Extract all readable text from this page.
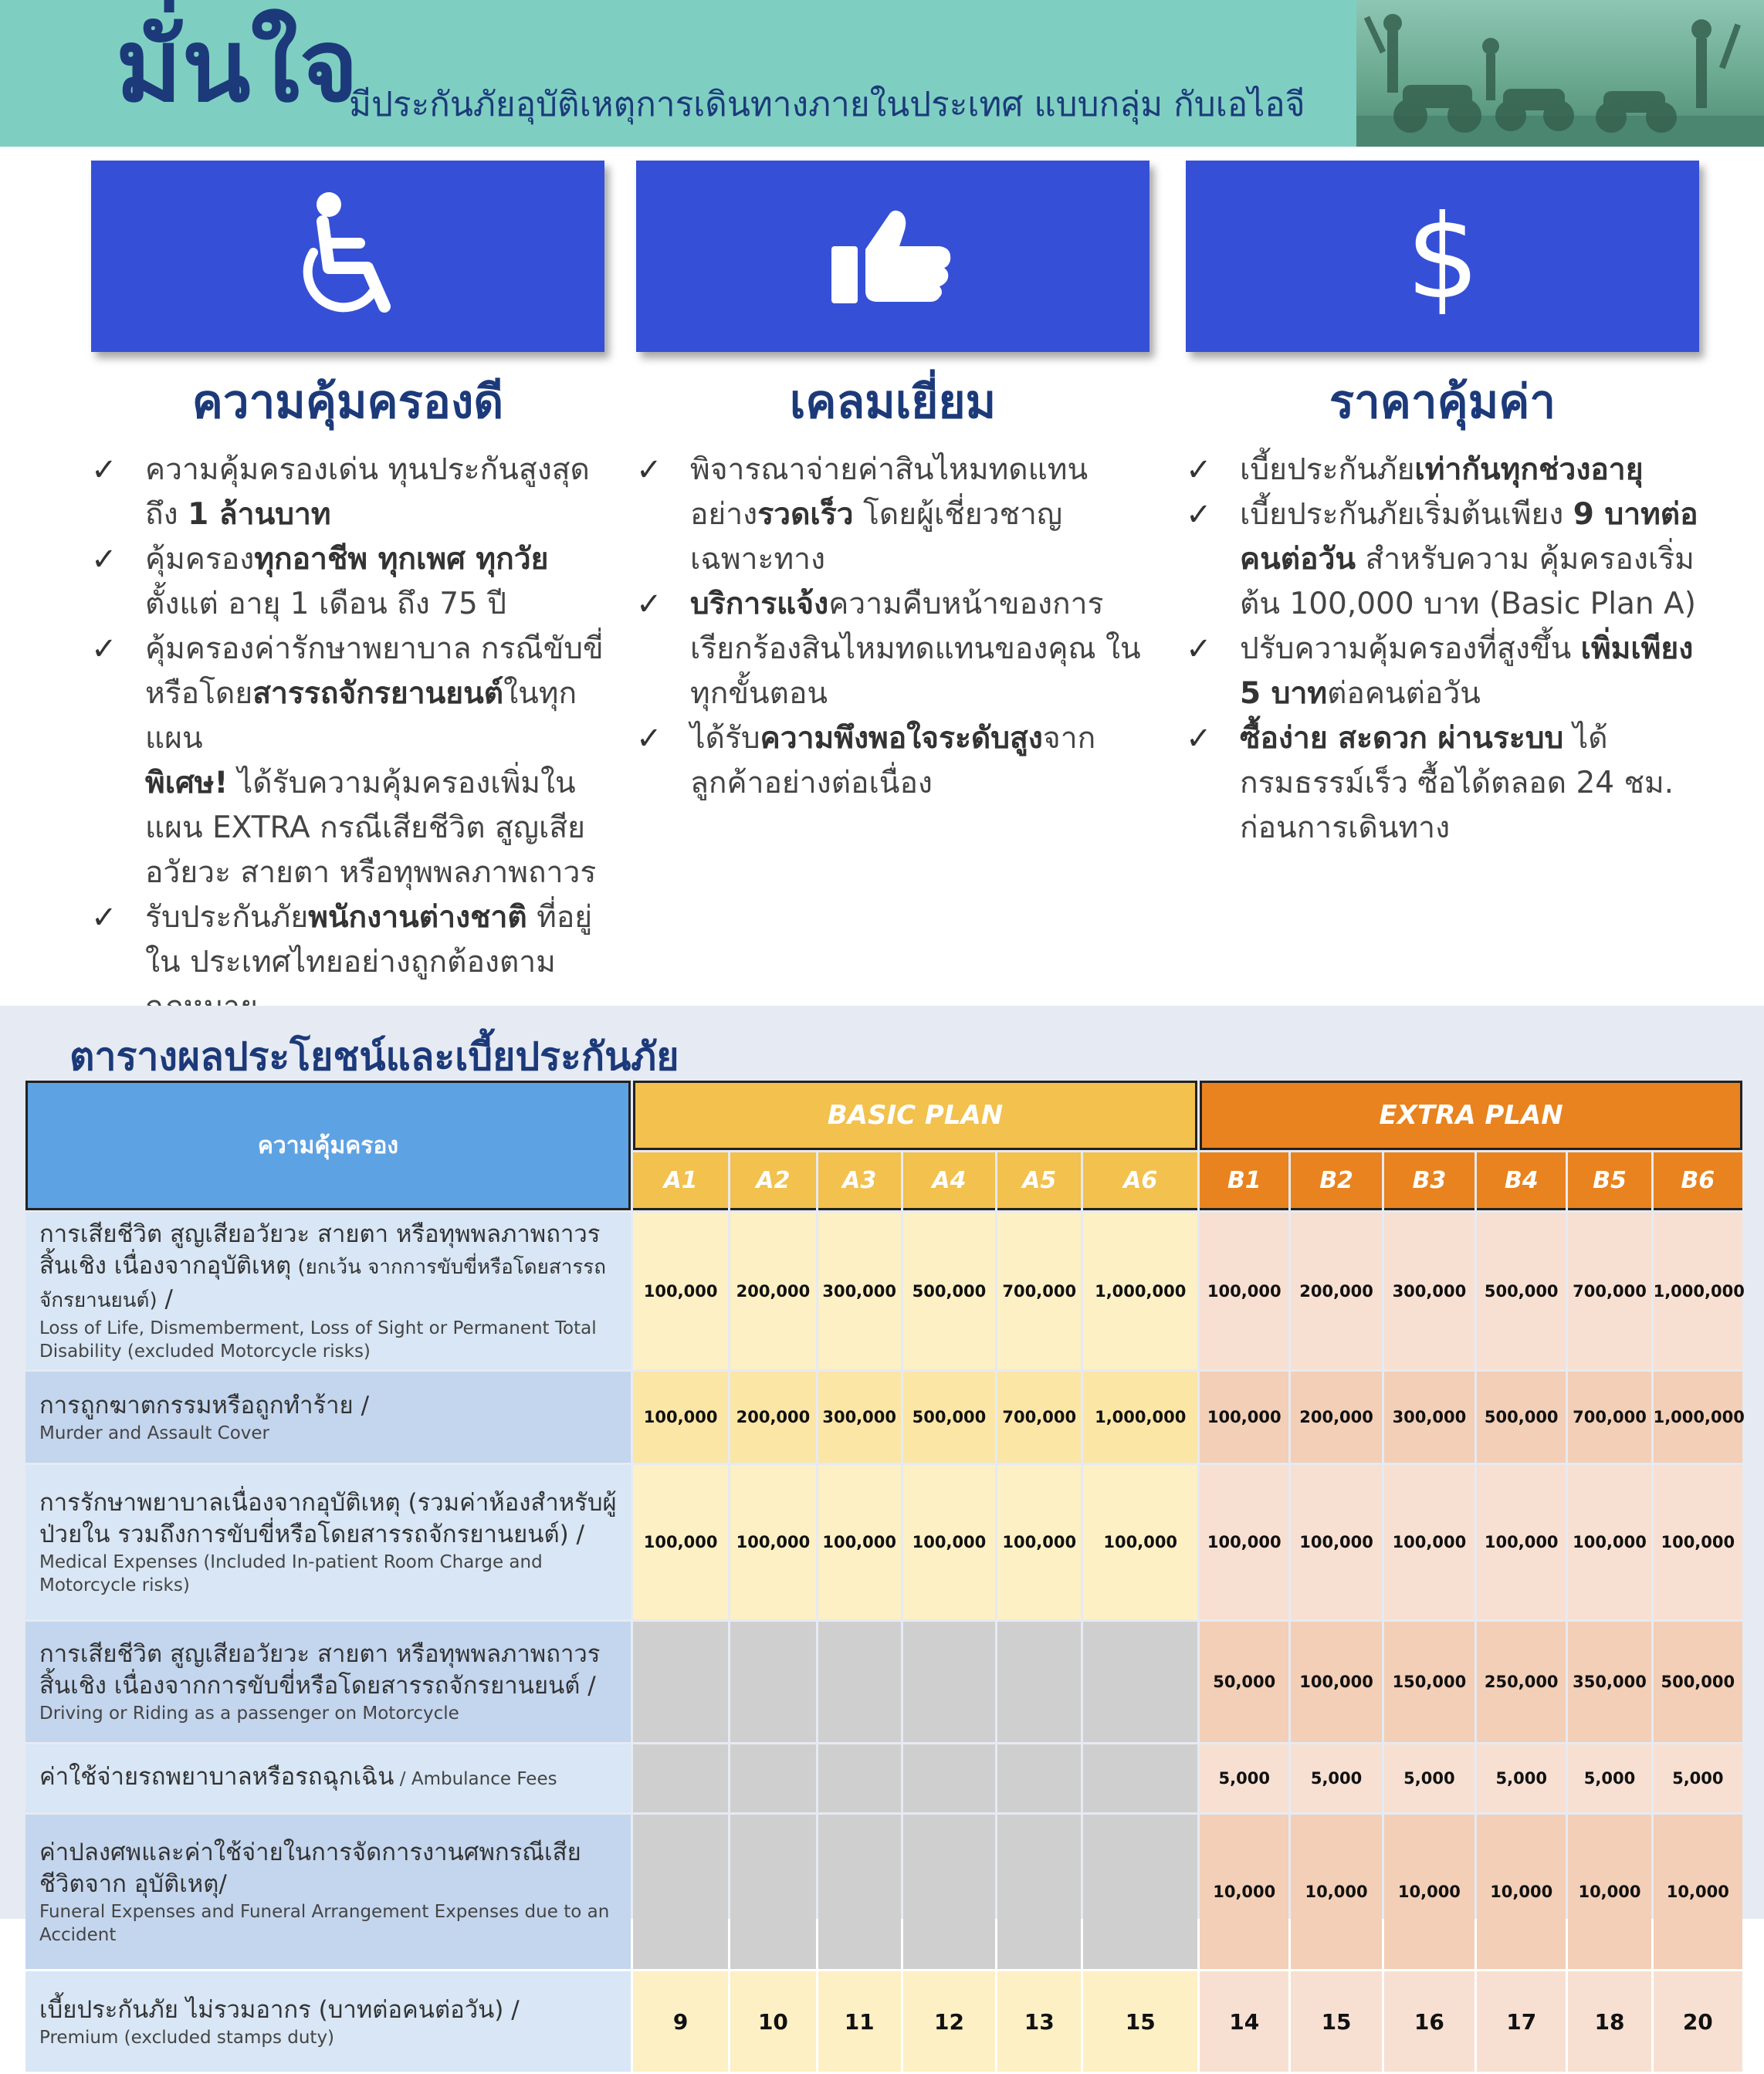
มั่นใจ
มีประกันภัยอุบัติเหตุการเดินทางภายในประเทศ แบบกลุ่ม กับเอไอจี
ความคุ้มครองดี
✓ ความคุ้มครองเด่น ทุนประกันสูงสุดถึง 1 ล้านบาท
✓ คุ้มครองทุกอาชีพ ทุกเพศ ทุกวัย ตั้งแต่ อายุ 1 เดือน ถึง 75 ปี
✓ คุ้มครองค่ารักษาพยาบาล กรณีขับขี่ หรือโดยสารรถจักรยานยนต์ในทุกแผน
พิเศษ! ได้รับความคุ้มครองเพิ่มในแผน EXTRA กรณีเสียชีวิต สูญเสียอวัยวะ สายตา หรือทุพพลภาพถาวร
✓ รับประกันภัยพนักงานต่างชาติ ที่อยู่ใน ประเทศไทยอย่างถูกต้องตาม
เคลมเยี่ยม
✓ พิจารณาจ่ายค่าสินไหมทดแทน อย่างรวดเร็ว โดยผู้เชี่ยวชาญ เฉพาะทาง
✓ บริการแจ้งความคืบหน้าของการ เรียกร้องสินไหมทดแทนของคุณ ในทุกขั้นตอน
✓ ได้รับความพึงพอใจระดับสูงจาก ลูกค้าอย่างต่อเนื่อง
$
ราคาคุ้มค่า
✓ เบี้ยประกันภัยเท่ากันทุกช่วงอายุ
✓ เบี้ยประกันภัยเริ่มต้นเพียง 9 บาทต่อคนต่อวัน สำหรับความ คุ้มครองเริ่มต้น 100,000 บาท (Basic Plan A)
✓ ปรับความคุ้มครองที่สูงขึ้น เพิ่มเพียง 5 บาทต่อคนต่อวัน
✓ ซื้อง่าย สะดวก ผ่านระบบ ได้ กรมธรรม์เร็ว ซื้อได้ตลอด 24 ชม. ก่อนการเดินทาง
ตารางผลประโยชน์และเบี้ยประกันภัย
ความคุ้มครอง	BASIC PLAN						EXTRA PLAN					
	A1	A2	A3	A4	A5	A6	B1	B2	B3	B4	B5	B6

การเสียชีวิต สูญเสียอวัยวะ สายตา หรือทุพพลภาพถาวรสิ้นเชิง เนื่องจากอุบัติเหตุ (ยกเว้น จากการขับขี่หรือโดยสารรถจักรยานยนต์) /
Loss of Life, Dismemberment, Loss of Sight or Permanent Total Disability (excluded Motorcycle risks)	100,000	200,000	300,000	500,000	700,000	1,000,000	100,000	200,000	300,000	500,000	700,000	1,000,000

การถูกฆาตกรรมหรือถูกทำร้าย /
Murder and Assault Cover	100,000	200,000	300,000	500,000	700,000	1,000,000	100,000	200,000	300,000	500,000	700,000	1,000,000

การรักษาพยาบาลเนื่องจากอุบัติเหตุ (รวมค่าห้องสำหรับผู้ป่วยใน รวมถึงการขับขี่หรือโดยสารรถจักรยานยนต์) /
Medical Expenses (Included In-patient Room Charge and Motorcycle risks)	100,000	100,000	100,000	100,000	100,000	100,000	100,000	100,000	100,000	100,000	100,000	100,000

การเสียชีวิต สูญเสียอวัยวะ สายตา หรือทุพพลภาพถาวรสิ้นเชิง เนื่องจากการขับขี่หรือโดยสารรถจักรยานยนต์ /
Driving or Riding as a passenger on Motorcycle							50,000	100,000	150,000	250,000	350,000	500,000

ค่าใช้จ่ายรถพยาบาลหรือรถฉุกเฉิน / Ambulance Fees							5,000	5,000	5,000	5,000	5,000	5,000

ค่าปลงศพและค่าใช้จ่ายในการจัดการงานศพกรณีเสียชีวิตจาก อุบัติเหตุ/
Funeral Expenses and Funeral Arrangement Expenses due to an Accident							10,000	10,000	10,000	10,000	10,000	10,000

เบี้ยประกันภัย ไม่รวมอากร (บาทต่อคนต่อวัน) /
Premium (excluded stamps duty)	9	10	11	12	13	15	14	15	16	17	18	20
